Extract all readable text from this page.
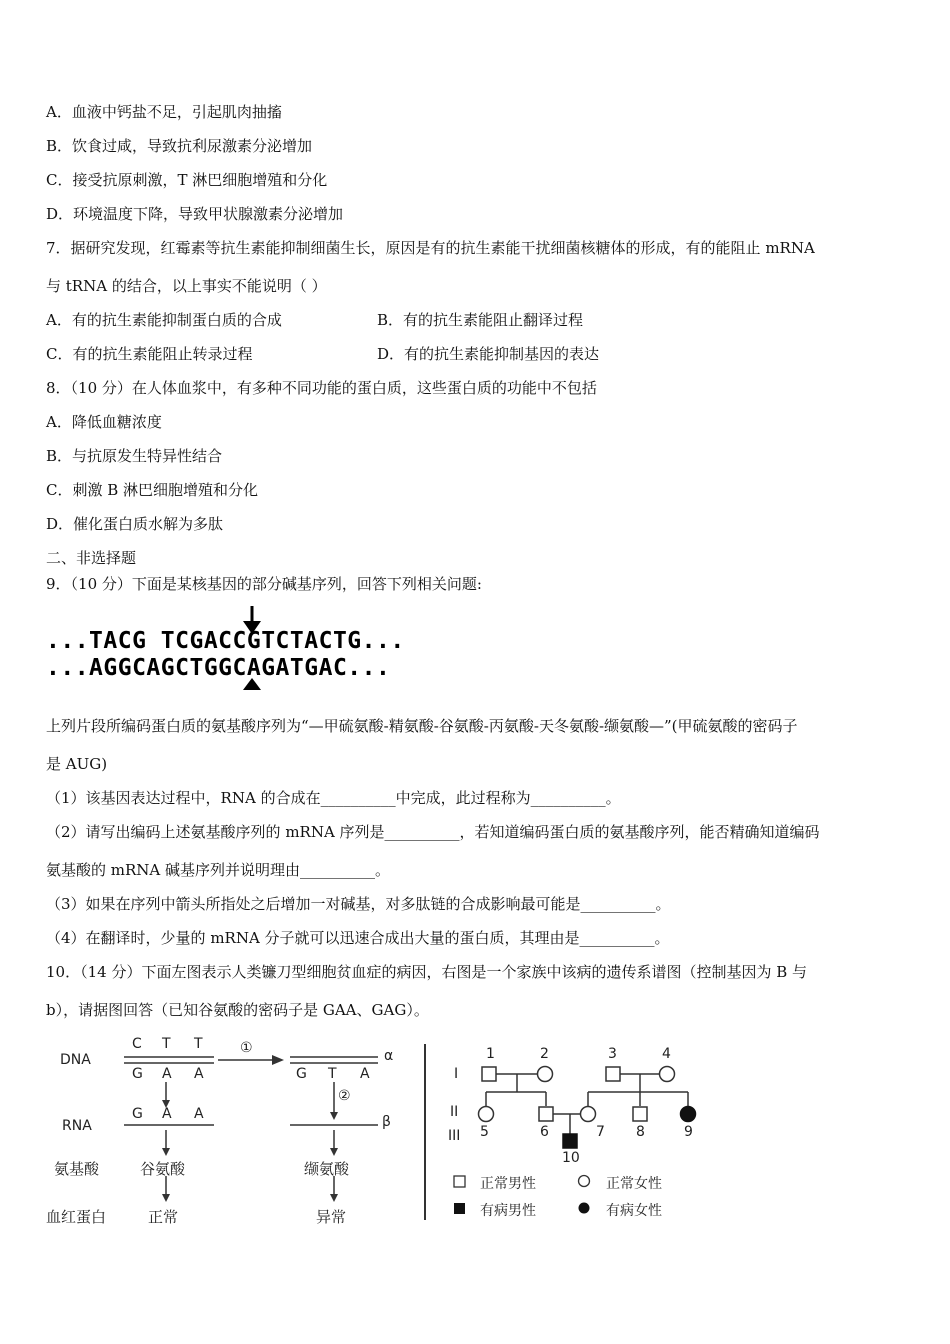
A．血液中钙盐不足，引起肌肉抽搐
B．饮食过咸，导致抗利尿激素分泌增加
C．接受抗原刺激，T 淋巴细胞增殖和分化
D．环境温度下降，导致甲状腺激素分泌增加
7．据研究发现，红霉素等抗生素能抑制细菌生长，原因是有的抗生素能干扰细菌核糖体的形成，有的能阻止 mRNA
与 tRNA 的结合，以上事实不能说明（ ）
A．有的抗生素能抑制蛋白质的合成	B．有的抗生素能阻止翻译过程
C．有的抗生素能阻止转录过程	D．有的抗生素能抑制基因的表达
8．（10 分）在人体血浆中，有多种不同功能的蛋白质，这些蛋白质的功能中不包括
A．降低血糖浓度
B．与抗原发生特异性结合
C．刺激 B 淋巴细胞增殖和分化
D．催化蛋白质水解为多肽
二、非选择题
9．（10 分）下面是某核基因的部分碱基序列，回答下列相关问题:
...TACG TCGACCGTCTACTG...
...AGGCAGCTGGCAGATGAC...
上列片段所编码蛋白质的氨基酸序列为“—甲硫氨酸-精氨酸-谷氨酸-丙氨酸-天冬氨酸-缬氨酸—”(甲硫氨酸的密码子
是 AUG)
（1）该基因表达过程中，RNA 的合成在__________中完成，此过程称为__________。
（2）请写出编码上述氨基酸序列的 mRNA 序列是__________，若知道编码蛋白质的氨基酸序列，能否精确知道编码
氨基酸的 mRNA 碱基序列并说明理由__________。
（3）如果在序列中箭头所指处之后增加一对碱基，对多肽链的合成影响最可能是__________。
（4）在翻译时，少量的 mRNA 分子就可以迅速合成出大量的蛋白质，其理由是__________。
10．（14 分）下面左图表示人类镰刀型细胞贫血症的病因，右图是一个家族中该病的遗传系谱图（控制基因为 B 与
b），请据图回答（已知谷氨酸的密码子是 GAA、GAG）。
DNA
RNA
氨基酸
血红蛋白
C T T
G A A
G A A
①	α
G T A
②
β
谷氨酸	缬氨酸
正常	异常
I
II
III
1	2	3	4
5	6	7 8	9
10
正常男性	正常女性
有病男性	有病女性
